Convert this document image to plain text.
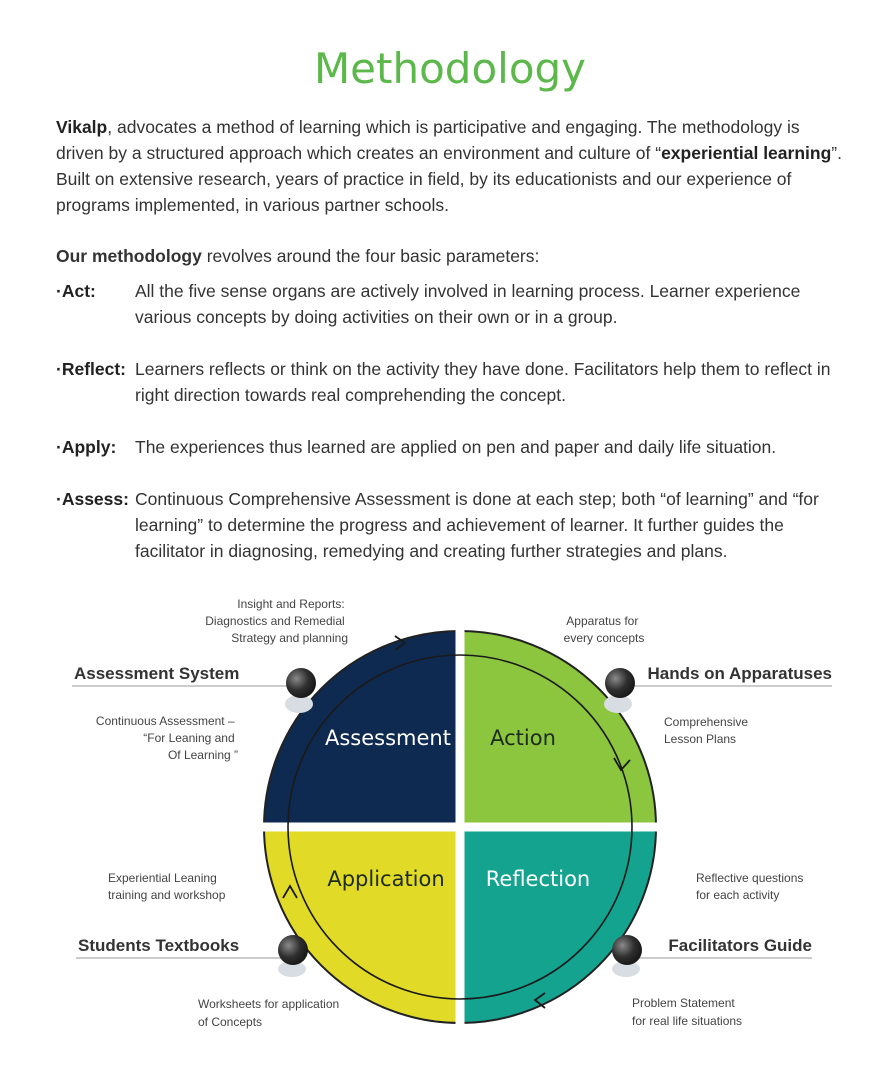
Methodology
Vikalp, advocates a method of learning which is participative and engaging. The methodology is driven by a structured approach which creates an environment and culture of “experiential learning”. Built on extensive research, years of practice in field, by its educationists and our experience of programs implemented, in various partner schools.
Our methodology revolves around the four basic parameters:
·Act:	All the five sense organs are actively involved in learning process. Learner experience various concepts by doing activities on their own or in a group.
·Reflect: Learners reflects or think on the activity they have done. Facilitators help them to reflect in right direction towards real comprehending the concept.
·Apply:	The experiences thus learned are applied on pen and paper and daily life situation.
·Assess: Continuous Comprehensive Assessment is done at each step; both “of learning” and “for learning” to determine the progress and achievement of learner. It further guides the facilitator in diagnosing, remedying and creating further strategies and plans.
Assessment Action
Application Reflection
Assessment System	Hands on Apparatuses
Students Textbooks	Facilitators Guide
Insight and Reports: Diagnostics and Remedial Strategy and planning
Apparatus for every concepts
Continuous Assessment – “For Leaning and Of Learning ”
Comprehensive Lesson Plans
Experiential Leaning training and workshop
Reflective questions for each activity
Worksheets for application of Concepts
Problem Statement for real life situations
